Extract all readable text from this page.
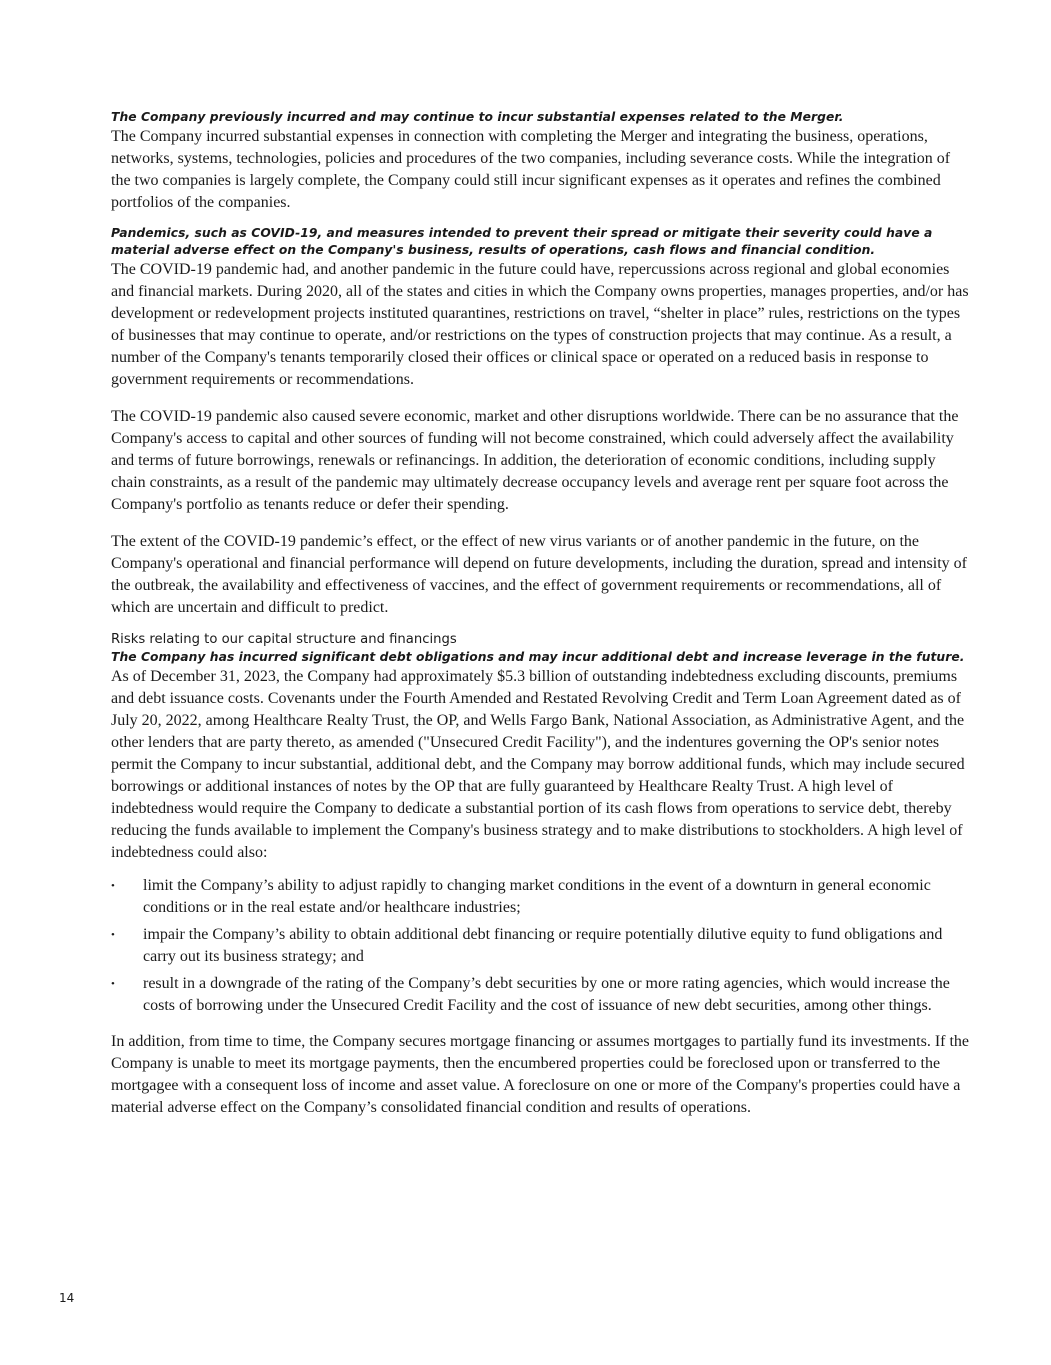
The Company previously incurred and may continue to incur substantial expenses related to the Merger.

The Company incurred substantial expenses in connection with completing the Merger and integrating the business, operations, networks, systems, technologies, policies and procedures of the two companies, including severance costs. While the integration of the two companies is largely complete, the Company could still incur significant expenses as it operates and refines the combined portfolios of the companies.

Pandemics, such as COVID-19, and measures intended to prevent their spread or mitigate their severity could have a material adverse effect on the Company's business, results of operations, cash flows and financial condition.

The COVID-19 pandemic had, and another pandemic in the future could have, repercussions across regional and global economies and financial markets. During 2020, all of the states and cities in which the Company owns properties, manages properties, and/or has development or redevelopment projects instituted quarantines, restrictions on travel, “shelter in place” rules, restrictions on the types of businesses that may continue to operate, and/or restrictions on the types of construction projects that may continue. As a result, a number of the Company's tenants temporarily closed their offices or clinical space or operated on a reduced basis in response to government requirements or recommendations.

The COVID-19 pandemic also caused severe economic, market and other disruptions worldwide. There can be no assurance that the Company's access to capital and other sources of funding will not become constrained, which could adversely affect the availability and terms of future borrowings, renewals or refinancings. In addition, the deterioration of economic conditions, including supply chain constraints, as a result of the pandemic may ultimately decrease occupancy levels and average rent per square foot across the Company's portfolio as tenants reduce or defer their spending.

The extent of the COVID-19 pandemic’s effect, or the effect of new virus variants or of another pandemic in the future, on the Company's operational and financial performance will depend on future developments, including the duration, spread and intensity of the outbreak, the availability and effectiveness of vaccines, and the effect of government requirements or recommendations, all of which are uncertain and difficult to predict.

Risks relating to our capital structure and financings

The Company has incurred significant debt obligations and may incur additional debt and increase leverage in the future.

As of December 31, 2023, the Company had approximately $5.3 billion of outstanding indebtedness excluding discounts, premiums and debt issuance costs. Covenants under the Fourth Amended and Restated Revolving Credit and Term Loan Agreement dated as of July 20, 2022, among Healthcare Realty Trust, the OP, and Wells Fargo Bank, National Association, as Administrative Agent, and the other lenders that are party thereto, as amended ("Unsecured Credit Facility"), and the indentures governing the OP's senior notes permit the Company to incur substantial, additional debt, and the Company may borrow additional funds, which may include secured borrowings or additional instances of notes by the OP that are fully guaranteed by Healthcare Realty Trust. A high level of indebtedness would require the Company to dedicate a substantial portion of its cash flows from operations to service debt, thereby reducing the funds available to implement the Company's business strategy and to make distributions to stockholders. A high level of indebtedness could also:

•	limit the Company’s ability to adjust rapidly to changing market conditions in the event of a downturn in general economic conditions or in the real estate and/or healthcare industries;
•	impair the Company’s ability to obtain additional debt financing or require potentially dilutive equity to fund obligations and carry out its business strategy; and
•	result in a downgrade of the rating of the Company’s debt securities by one or more rating agencies, which would increase the costs of borrowing under the Unsecured Credit Facility and the cost of issuance of new debt securities, among other things.

In addition, from time to time, the Company secures mortgage financing or assumes mortgages to partially fund its investments. If the Company is unable to meet its mortgage payments, then the encumbered properties could be foreclosed upon or transferred to the mortgagee with a consequent loss of income and asset value. A foreclosure on one or more of the Company's properties could have a material adverse effect on the Company’s consolidated financial condition and results of operations.

14
